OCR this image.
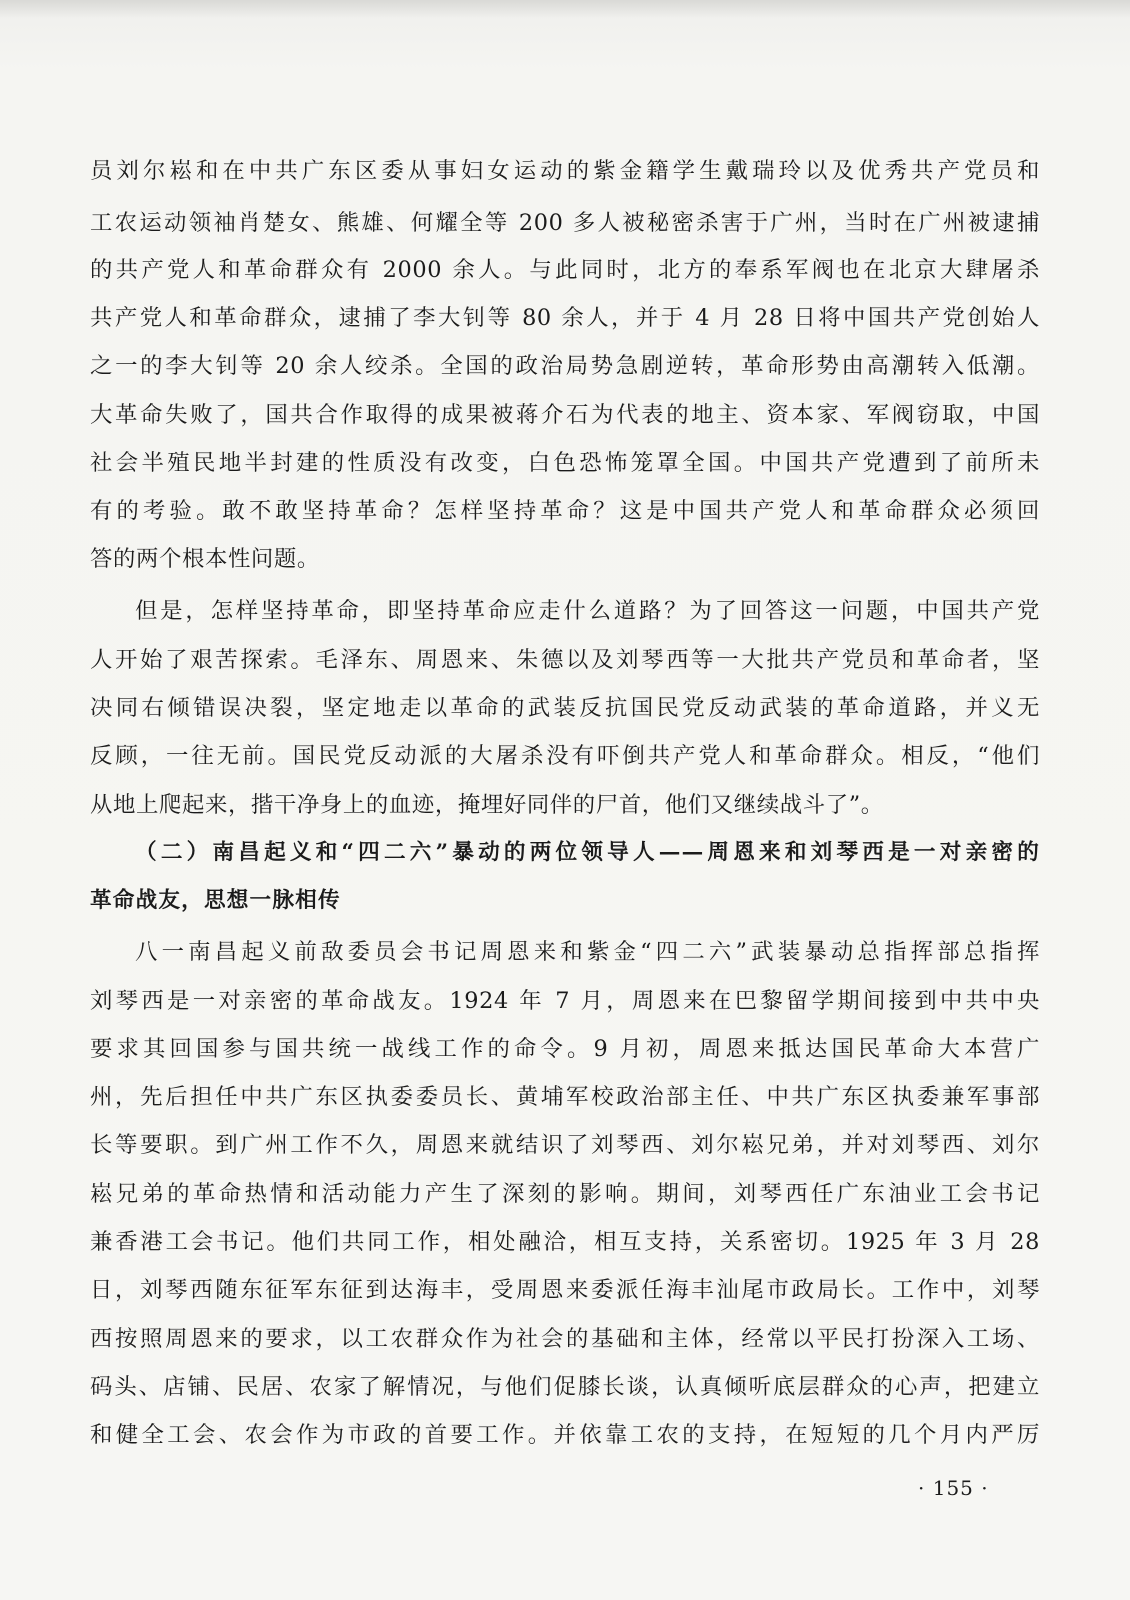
员刘尔崧和在中共广东区委从事妇女运动的紫金籍学生戴瑞玲以及优秀共产党员和
工农运动领袖肖楚女、熊雄、何耀全等 200 多人被秘密杀害于广州，当时在广州被逮捕
的共产党人和革命群众有 2000 余人。与此同时，北方的奉系军阀也在北京大肆屠杀
共产党人和革命群众，逮捕了李大钊等 80 余人，并于 4 月 28 日将中国共产党创始人
之一的李大钊等 20 余人绞杀。全国的政治局势急剧逆转，革命形势由高潮转入低潮。
大革命失败了，国共合作取得的成果被蒋介石为代表的地主、资本家、军阀窃取，中国
社会半殖民地半封建的性质没有改变，白色恐怖笼罩全国。中国共产党遭到了前所未
有的考验。敢不敢坚持革命？怎样坚持革命？这是中国共产党人和革命群众必须回
答的两个根本性问题。
但是，怎样坚持革命，即坚持革命应走什么道路？为了回答这一问题，中国共产党
人开始了艰苦探索。毛泽东、周恩来、朱德以及刘琴西等一大批共产党员和革命者，坚
决同右倾错误决裂，坚定地走以革命的武装反抗国民党反动武装的革命道路，并义无
反顾，一往无前。国民党反动派的大屠杀没有吓倒共产党人和革命群众。相反，“他们
从地上爬起来，揩干净身上的血迹，掩埋好同伴的尸首，他们又继续战斗了”。
（二）南昌起义和“四二六”暴动的两位领导人——周恩来和刘琴西是一对亲密的
革命战友，思想一脉相传
八一南昌起义前敌委员会书记周恩来和紫金“四二六”武装暴动总指挥部总指挥
刘琴西是一对亲密的革命战友。1924 年 7 月，周恩来在巴黎留学期间接到中共中央
要求其回国参与国共统一战线工作的命令。9 月初，周恩来抵达国民革命大本营广
州，先后担任中共广东区执委委员长、黄埔军校政治部主任、中共广东区执委兼军事部
长等要职。到广州工作不久，周恩来就结识了刘琴西、刘尔崧兄弟，并对刘琴西、刘尔
崧兄弟的革命热情和活动能力产生了深刻的影响。期间，刘琴西任广东油业工会书记
兼香港工会书记。他们共同工作，相处融洽，相互支持，关系密切。1925 年 3 月 28
日，刘琴西随东征军东征到达海丰，受周恩来委派任海丰汕尾市政局长。工作中，刘琴
西按照周恩来的要求，以工农群众作为社会的基础和主体，经常以平民打扮深入工场、
码头、店铺、民居、农家了解情况，与他们促膝长谈，认真倾听底层群众的心声，把建立
和健全工会、农会作为市政的首要工作。并依靠工农的支持，在短短的几个月内严厉
· 155 ·
